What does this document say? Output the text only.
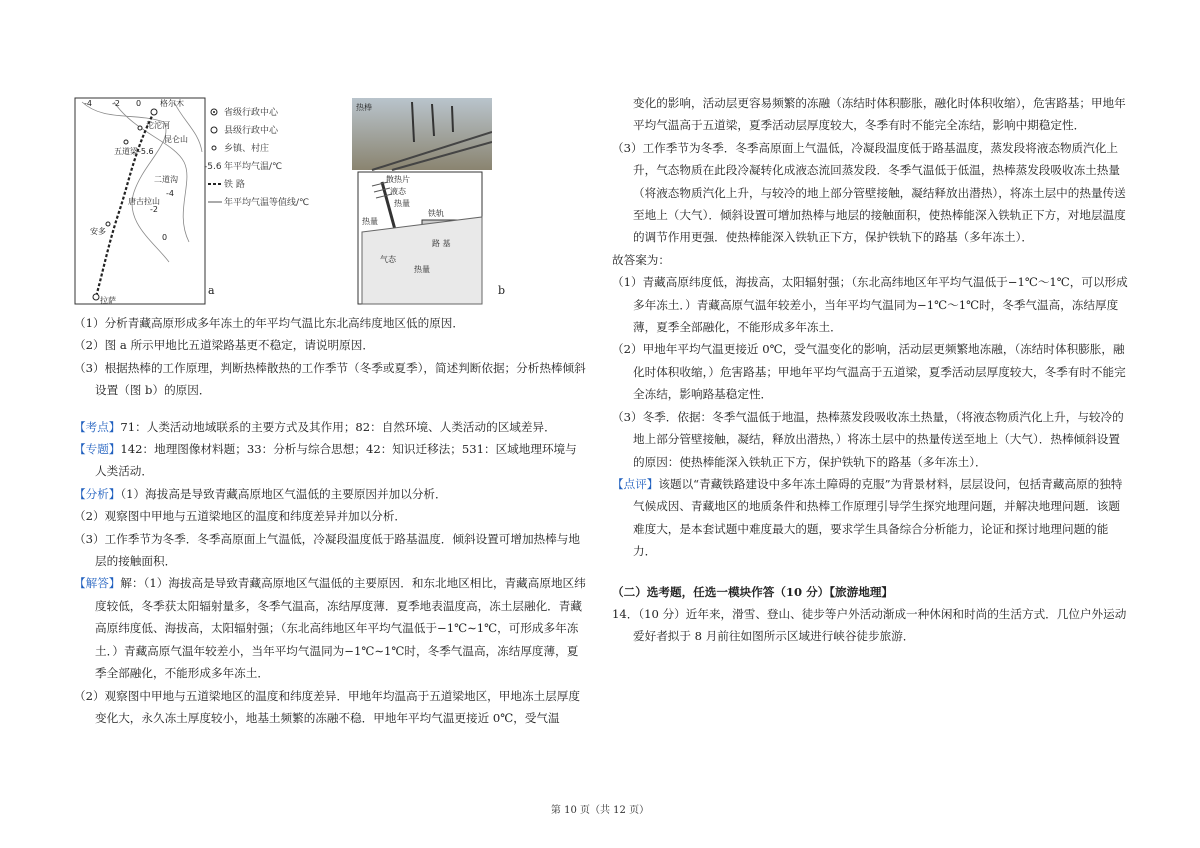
格尔木
沱沱河
五道梁
安多
拉萨
二道沟
昆仑山
唐古拉山
-4	-2 0
-4
-2
0
-5.6
省级行政中心
县级行政中心
乡镇、村庄
-5.6 年平均气温/℃
铁 路
年平均气温等值线/℃
a
热棒
散热片
液态
热量
热量
铁轨
路 基
气态
热量
b

（1）分析青藏高原形成多年冻土的年平均气温比东北高纬度地区低的原因．

（2）图 a 所示甲地比五道梁路基更不稳定，请说明原因．

（3）根据热棒的工作原理，判断热棒散热的工作季节（冬季或夏季），简述判断依据；分析热棒倾斜设置（图 b）的原因．

【考点】71：人类活动地域联系的主要方式及其作用；82：自然环境、人类活动的区域差异．

【专题】142：地理图像材料题；33：分析与综合思想；42：知识迁移法；531：区域地理环境与人类活动．

【分析】（1）海拔高是导致青藏高原地区气温低的主要原因并加以分析．

（2）观察图中甲地与五道梁地区的温度和纬度差异并加以分析．

（3）工作季节为冬季．冬季高原面上气温低，冷凝段温度低于路基温度．倾斜设置可增加热棒与地层的接触面积．

【解答】解：（1）海拔高是导致青藏高原地区气温低的主要原因．和东北地区相比，青藏高原地区纬度较低，冬季获太阳辐射量多，冬季气温高，冻结厚度薄．夏季地表温度高，冻土层融化．青藏高原纬度低、海拔高，太阳辐射强；（东北高纬地区年平均气温低于−1℃∼1℃，可形成多年冻土．）青藏高原气温年较差小，当年平均气温同为−1℃∼1℃时，冬季气温高，冻结厚度薄，夏季全部融化，不能形成多年冻土．

（2）观察图中甲地与五道梁地区的温度和纬度差异．甲地年均温高于五道梁地区，甲地冻土层厚度变化大，永久冻土厚度较小，地基土频繁的冻融不稳．甲地年平均气温更接近 0℃，受气温

变化的影响，活动层更容易频繁的冻融（冻结时体积膨胀，融化时体积收缩），危害路基；甲地年平均气温高于五道梁，夏季活动层厚度较大，冬季有时不能完全冻结，影响中期稳定性．

（3）工作季节为冬季．冬季高原面上气温低，冷凝段温度低于路基温度，蒸发段将液态物质汽化上升，气态物质在此段冷凝转化成液态流回蒸发段．冬季气温低于低温，热棒蒸发段吸收冻土热量（将液态物质汽化上升，与较冷的地上部分管壁接触，凝结释放出潜热），将冻土层中的热量传送至地上（大气）．倾斜设置可增加热棒与地层的接触面积，使热棒能深入铁轨正下方，对地层温度的调节作用更强．使热棒能深入铁轨正下方，保护铁轨下的路基（多年冻土）．

故答案为：

（1）青藏高原纬度低，海拔高，太阳辐射强；（东北高纬地区年平均气温低于−1℃～1℃，可以形成多年冻土．）青藏高原气温年较差小，当年平均气温同为−1℃～1℃时，冬季气温高，冻结厚度薄，夏季全部融化，不能形成多年冻土．

（2）甲地年平均气温更接近 0℃，受气温变化的影响，活动层更频繁地冻融，（冻结时体积膨胀，融化时体积收缩，）危害路基；甲地年平均气温高于五道梁，夏季活动层厚度较大，冬季有时不能完全冻结，影响路基稳定性．

（3）冬季．依据：冬季气温低于地温，热棒蒸发段吸收冻土热量，（将液态物质汽化上升，与较冷的地上部分管壁接触，凝结，释放出潜热，）将冻土层中的热量传送至地上（大气）．热棒倾斜设置的原因：使热棒能深入铁轨正下方，保护铁轨下的路基（多年冻土）．

【点评】该题以“青藏铁路建设中多年冻土障碍的克服”为背景材料，层层设问，包括青藏高原的独特气候成因、青藏地区的地质条件和热棒工作原理引导学生探究地理问题，并解决地理问题．该题难度大，是本套试题中难度最大的题，要求学生具备综合分析能力，论证和探讨地理问题的能力．

（二）选考题，任选一模块作答（10 分）【旅游地理】

14．（10 分）近年来，滑雪、登山、徒步等户外活动渐成一种休闲和时尚的生活方式．几位户外运动爱好者拟于 8 月前往如图所示区域进行峡谷徒步旅游．

第 10 页（共 12 页）
